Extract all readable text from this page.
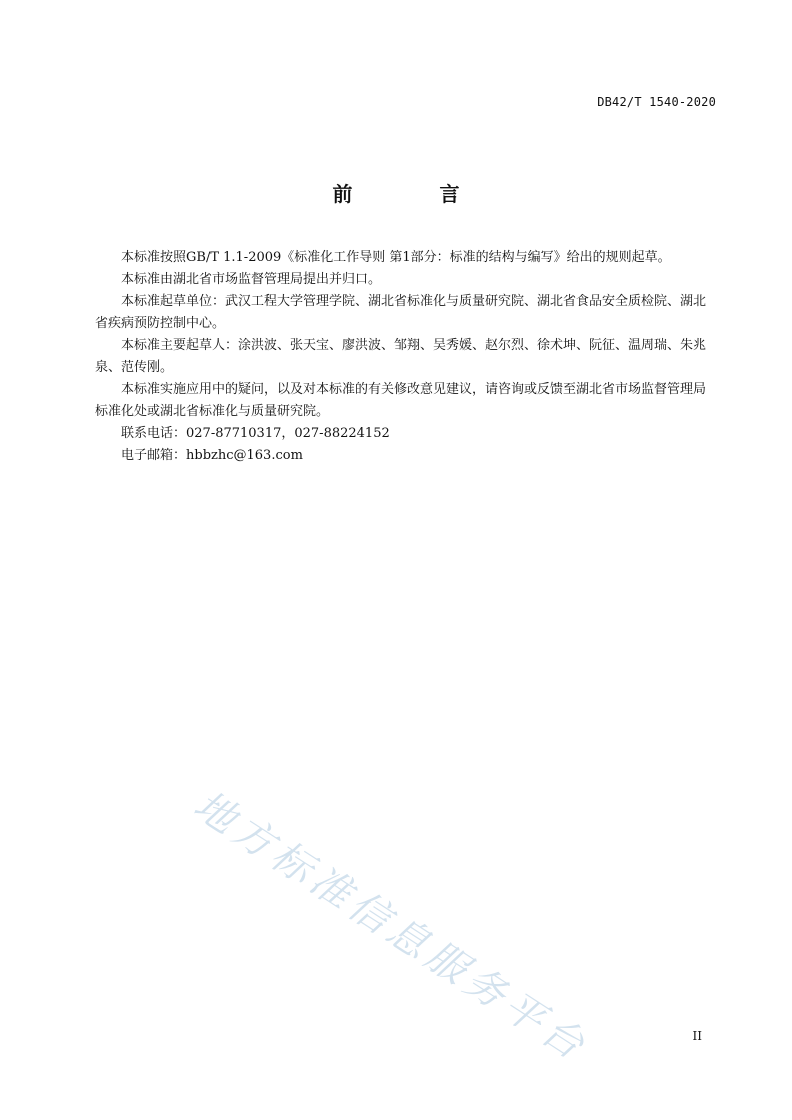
DB42/T 1540-2020
前 言

本标准按照GB/T 1.1-2009《标准化工作导则 第1部分：标准的结构与编写》给出的规则起草。

本标准由湖北省市场监督管理局提出并归口。

本标准起草单位：武汉工程大学管理学院、湖北省标准化与质量研究院、湖北省食品安全质检院、湖北省疾病预防控制中心。

本标准主要起草人：涂洪波、张天宝、廖洪波、邹翔、吴秀媛、赵尔烈、徐术坤、阮征、温周瑞、朱兆泉、范传刚。

本标准实施应用中的疑问，以及对本标准的有关修改意见建议，请咨询或反馈至湖北省市场监督管理局标准化处或湖北省标准化与质量研究院。

联系电话：027-87710317，027-88224152

电子邮箱：hbbzhc@163.com

地方标准信息服务平台	II
